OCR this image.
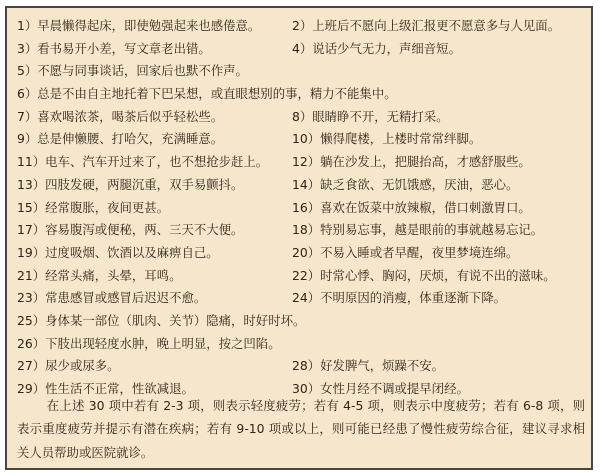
1）早晨懒得起床，即使勉强起来也感倦意。	2）上班后不愿向上级汇报更不愿意多与人见面。
3）看书易开小差，写文章老出错。	4）说话少气无力，声细音短。
5）不愿与同事谈话，回家后也默不作声。
6）总是不由自主地托着下巴呆想，或直眼想别的事，精力不能集中。
7）喜欢喝浓茶，喝茶后似乎轻松些。	8）眼睛睁不开，无精打采。
9）总是伸懒腰、打哈欠，充满睡意。	10）懒得爬楼，上楼时常常绊脚。
11）电车、汽车开过来了，也不想抢步赶上。	12）躺在沙发上，把腿抬高，才感舒服些。
13）四肢发硬，两腿沉重，双手易颤抖。	14）缺乏食欲、无饥饿感，厌油，恶心。
15）经常腹胀，夜间更甚。	16）喜欢在饭菜中放辣椒，借口刺激胃口。
17）容易腹泻或便秘，两、三天不大便。	18）特别易忘事，越是眼前的事就越易忘记。
19）过度吸烟、饮酒以及麻痹自己。	20）不易入睡或者早醒，夜里梦境连绵。
21）经常头痛，头晕，耳鸣。	22）时常心悸、胸闷，厌烦，有说不出的滋味。
23）常患感冒或感冒后迟迟不愈。	24）不明原因的消瘦，体重逐渐下降。
25）身体某一部位（肌肉、关节）隐痛，时好时坏。
26）下肢出现轻度水肿，晚上明显，按之凹陷。
27）尿少或尿多。	28）好发脾气，烦躁不安。
29）性生活不正常，性欲减退。	30）女性月经不调或提早闭经。

在上述 30 项中若有 2-3 项，则表示轻度疲劳；若有 4-5 项，则表示中度疲劳；若有 6-8 项，则表示重度疲劳并提示有潜在疾病；若有 9-10 项或以上，则可能已经患了慢性疲劳综合征，建议寻求相关人员帮助或医院就诊。
